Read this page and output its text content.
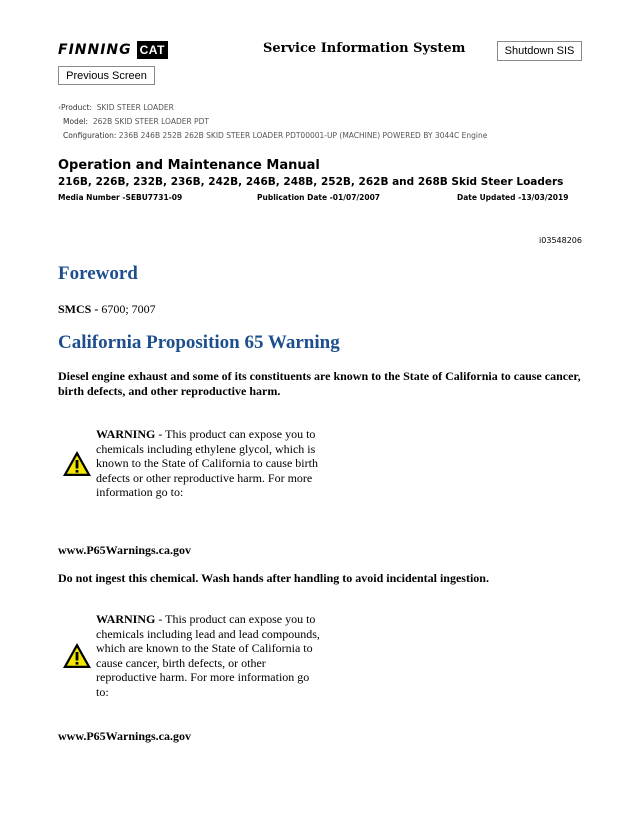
FINNING CAT	Service Information System	Shutdown SIS
Previous Screen
‹Product: SKID STEER LOADER
Model: 262B SKID STEER LOADER PDT
Configuration: 236B 246B 252B 262B SKID STEER LOADER PDT00001-UP (MACHINE) POWERED BY 3044C Engine
Operation and Maintenance Manual
216B, 226B, 232B, 236B, 242B, 246B, 248B, 252B, 262B and 268B Skid Steer Loaders
Media Number -SEBU7731-09	Publication Date -01/07/2007	Date Updated -13/03/2019
i03548206
Foreword
SMCS - 6700; 7007
California Proposition 65 Warning
Diesel engine exhaust and some of its constituents are known to the State of California to cause cancer, birth defects, and other reproductive harm.
WARNING - This product can expose you to chemicals including ethylene glycol, which is known to the State of California to cause birth defects or other reproductive harm. For more information go to:
www.P65Warnings.ca.gov
Do not ingest this chemical. Wash hands after handling to avoid incidental ingestion.
WARNING - This product can expose you to chemicals including lead and lead compounds, which are known to the State of California to cause cancer, birth defects, or other reproductive harm. For more information go to:
www.P65Warnings.ca.gov
